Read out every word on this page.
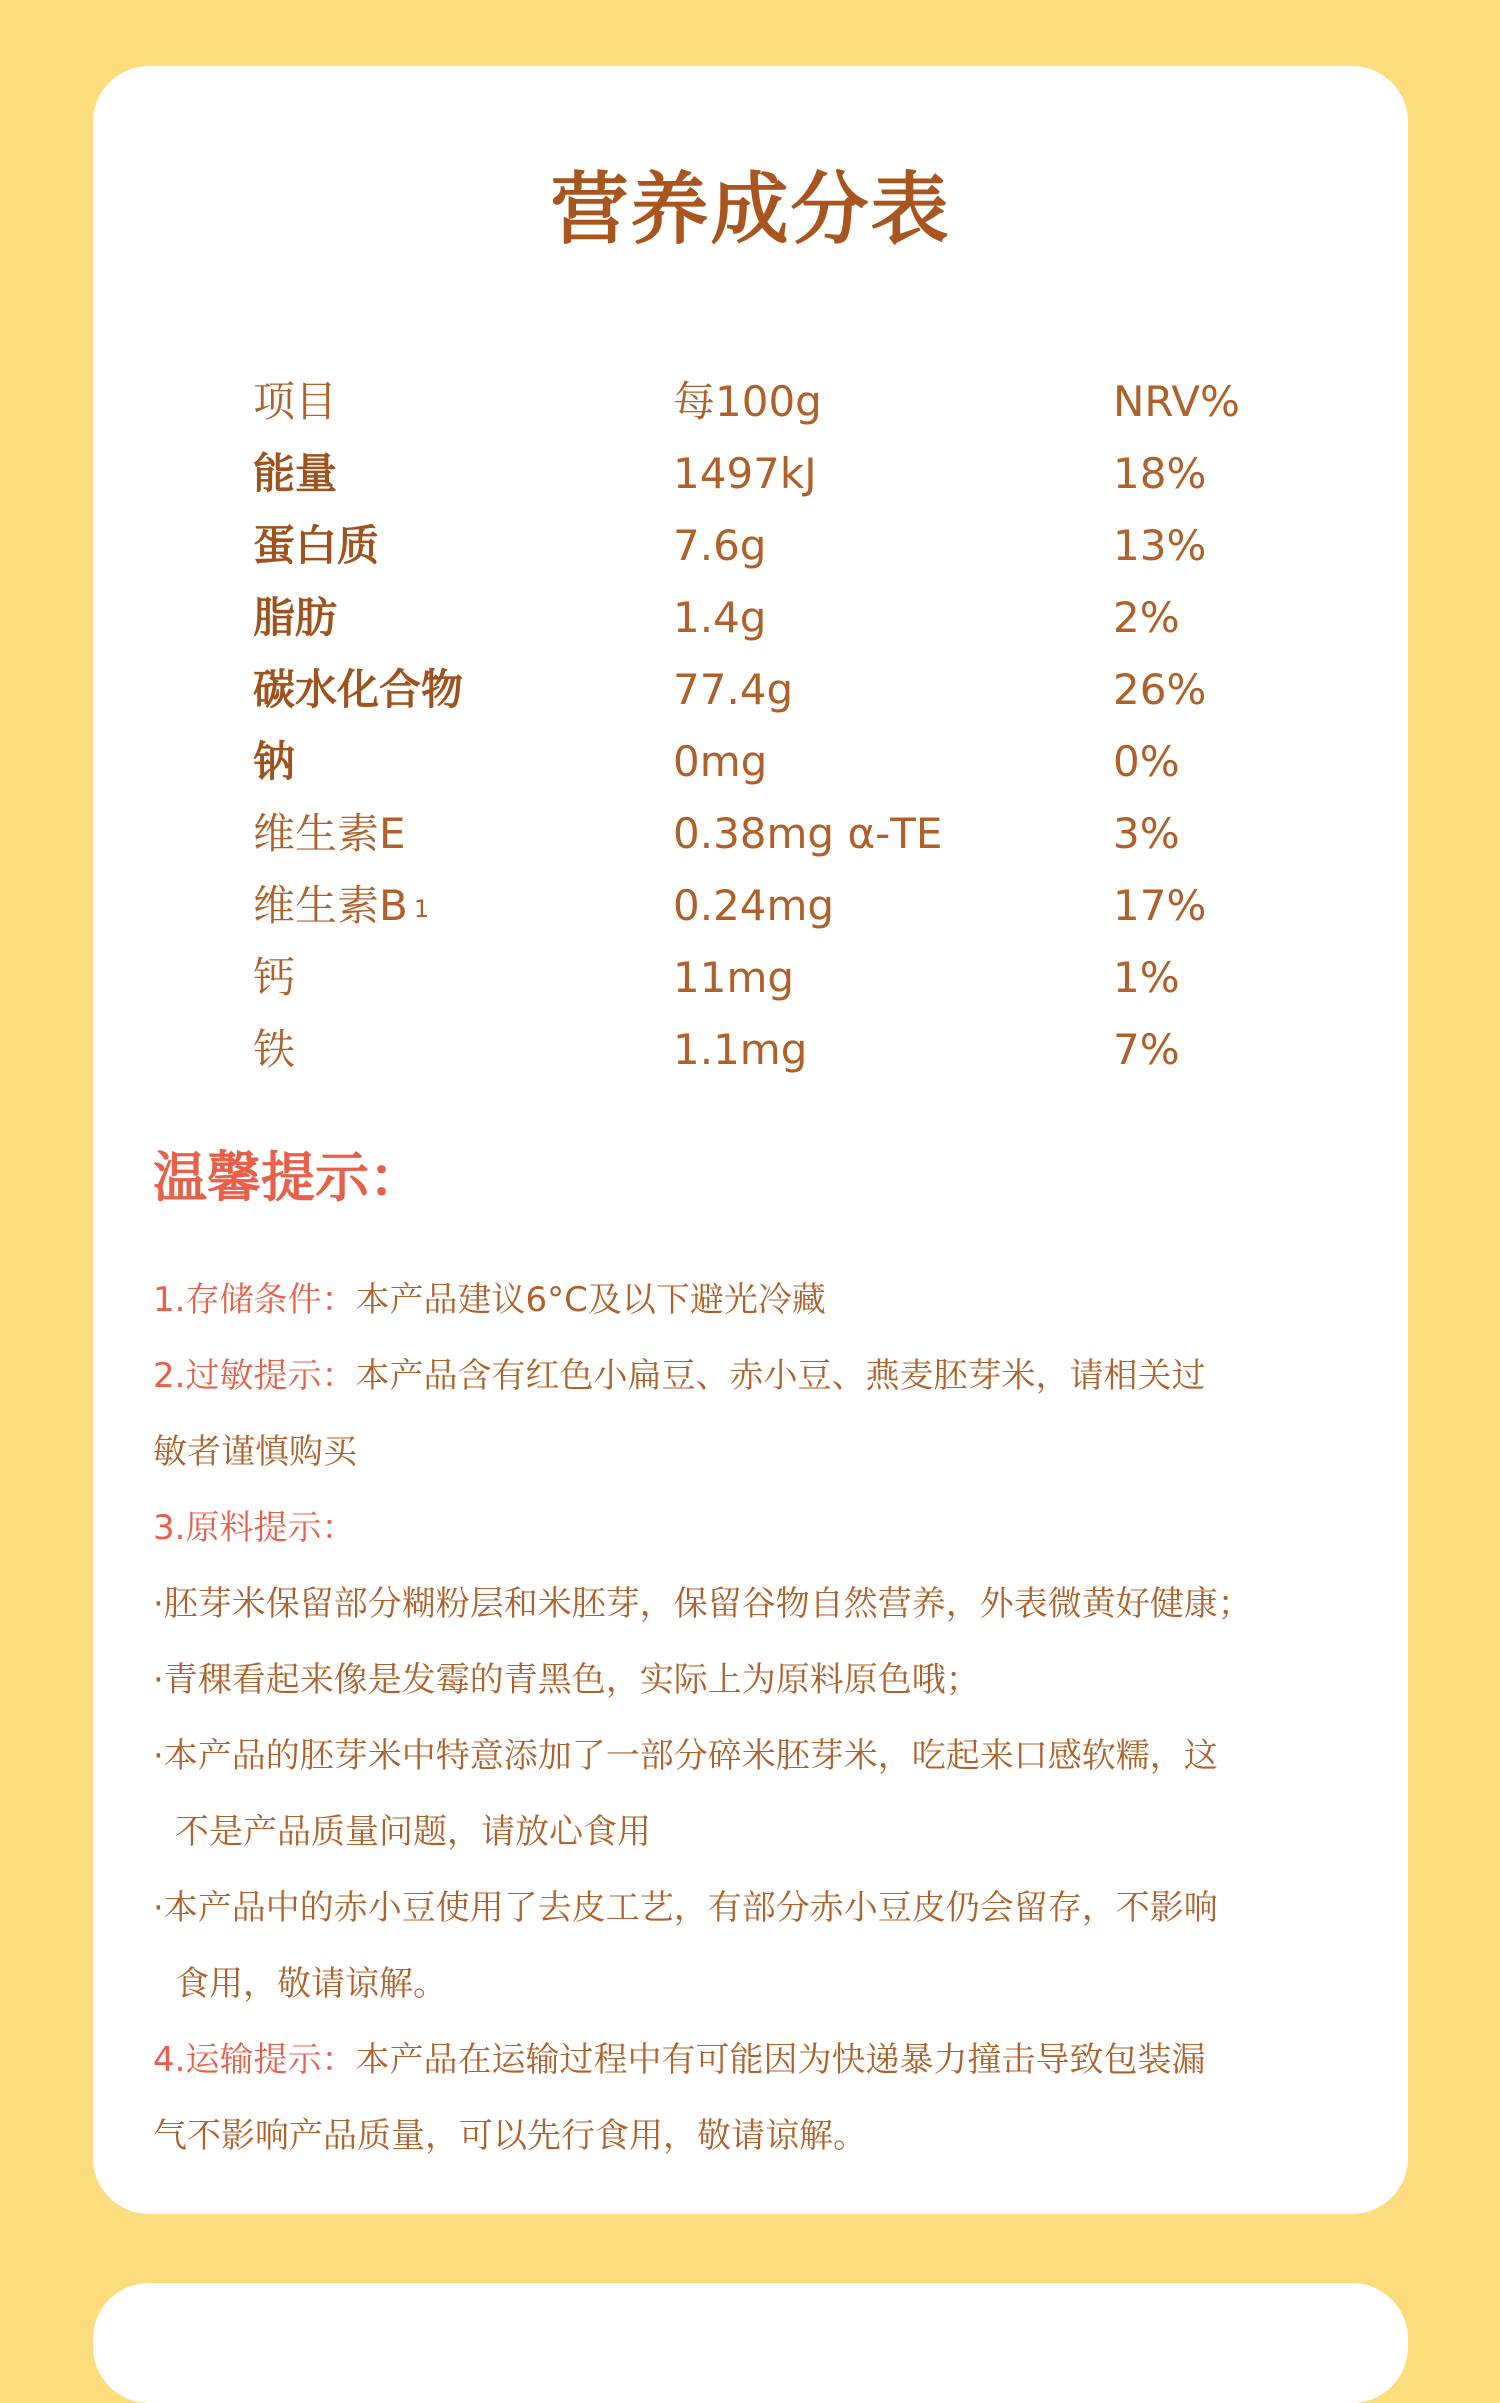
营养成分表
项目	每100g	NRV%
能量	1497kJ	18%
蛋白质	7.6g	13%
脂肪	1.4g	2%
碳水化合物	77.4g	26%
钠	0mg	0%
维生素E	0.38mg α-TE	3%
维生素B 1	0.24mg	17%
钙	11mg	1%
铁	1.1mg	7%
温馨提示：

1.存储条件：本产品建议6°C及以下避光冷藏

2.过敏提示：本产品含有红色小扁豆、赤小豆、燕麦胚芽米，请相关过

敏者谨慎购买

3.原料提示：

·胚芽米保留部分糊粉层和米胚芽，保留谷物自然营养，外表微黄好健康；

·青稞看起来像是发霉的青黑色，实际上为原料原色哦；

·本产品的胚芽米中特意添加了一部分碎米胚芽米，吃起来口感软糯，这

不是产品质量问题，请放心食用

·本产品中的赤小豆使用了去皮工艺，有部分赤小豆皮仍会留存，不影响

食用，敬请谅解。

4.运输提示：本产品在运输过程中有可能因为快递暴力撞击导致包装漏

气不影响产品质量，可以先行食用，敬请谅解。
